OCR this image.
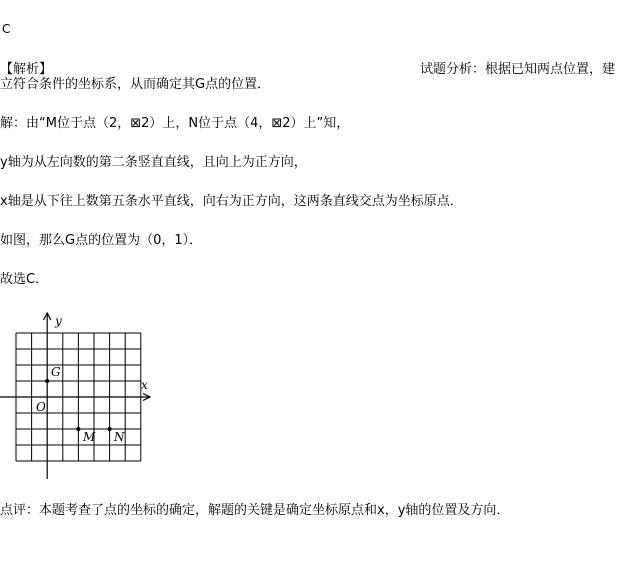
C
【解析】	试题分析：根据已知两点位置，建
立符合条件的坐标系，从而确定其G点的位置．
解：由“M位于点（2，⊠2）上，N位于点（4，⊠2）上”知，
y轴为从左向数的第二条竖直直线，且向上为正方向，
x轴是从下往上数第五条水平直线，向右为正方向，这两条直线交点为坐标原点．
如图，那么G点的位置为（0，1）．
故选C．
y
x
O
G
M N
点评：本题考查了点的坐标的确定，解题的关键是确定坐标原点和x，y轴的位置及方向．
